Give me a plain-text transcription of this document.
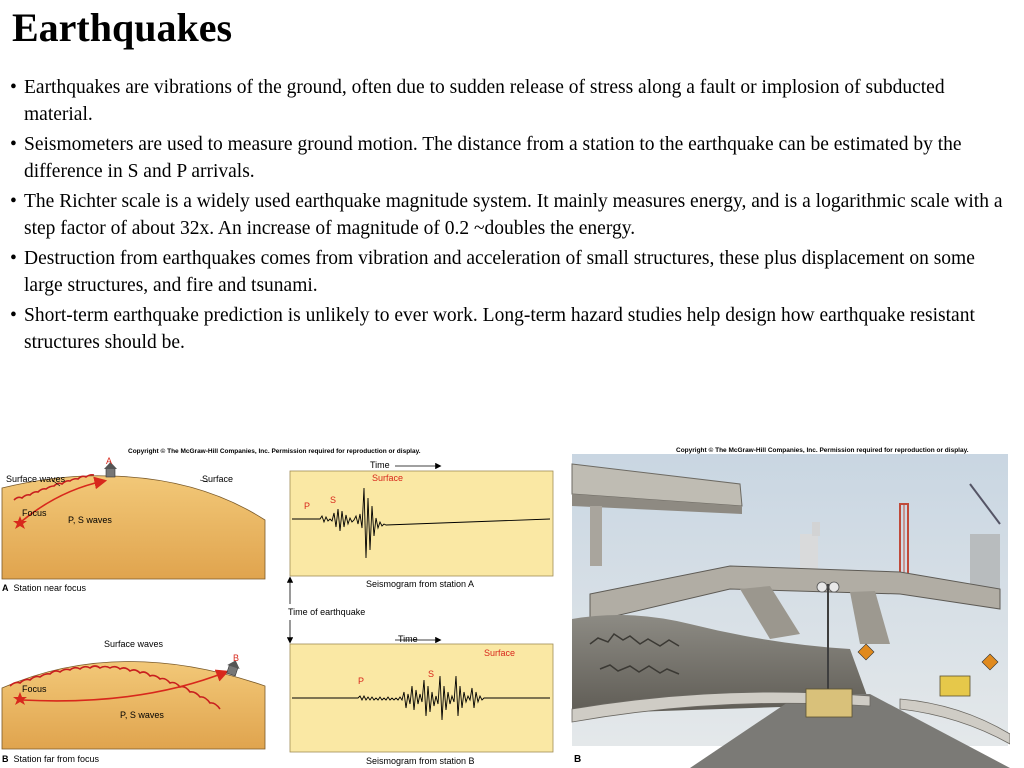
Earthquakes
• Earthquakes are vibrations of the ground, often due to sudden release of stress along a fault or implosion of subducted material.
• Seismometers are used to measure ground motion. The distance from a station to the earthquake can be estimated by the difference in S and P arrivals.
• The Richter scale is a widely used earthquake magnitude system. It mainly measures energy, and is a logarithmic scale with a step factor of about 32x. An increase of magnitude of 0.2 ~doubles the energy.
• Destruction from earthquakes comes from vibration and acceleration of small structures, these plus displacement on some large structures, and fire and tsunami.
• Short-term earthquake prediction is unlikely to ever work. Long-term hazard studies help design how earthquake resistant structures should be.
Copyright © The McGraw-Hill Companies, Inc. Permission required for reproduction or display.
A
Surface waves	Surface
Focus
P, S waves
A Station near focus
Surface waves
B
Focus
P, S waves
B Station far from focus
Time
Surface
P
S
Seismogram from station A
Time of earthquake
Time
Surface
P
S
Seismogram from station B
Copyright © The McGraw-Hill Companies, Inc. Permission required for reproduction or display.
B
